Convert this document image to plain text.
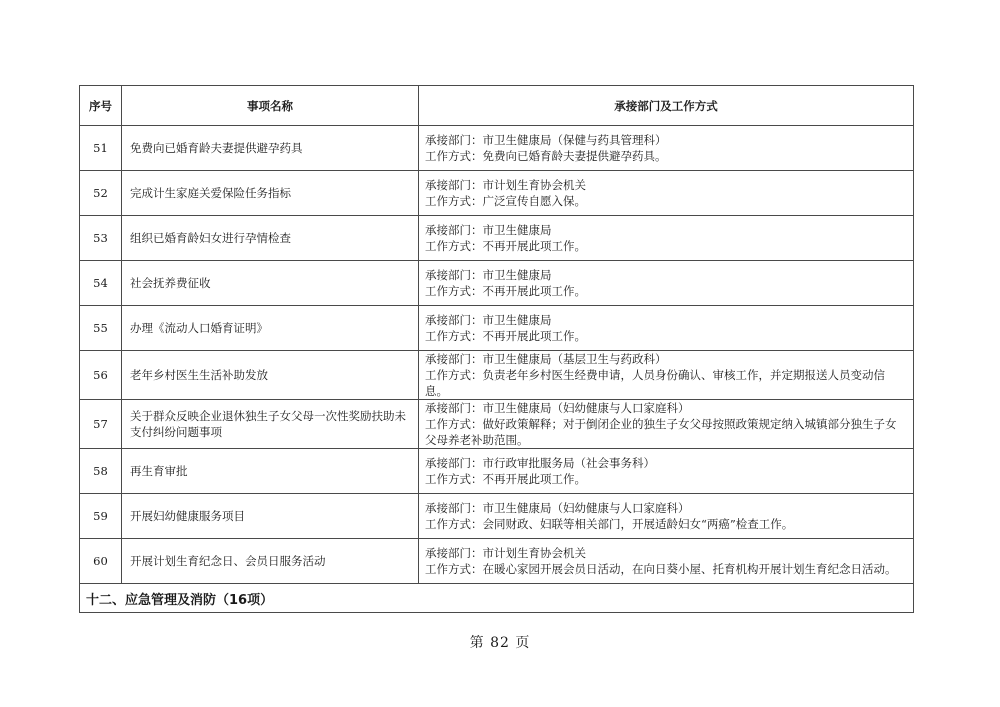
序号	事项名称	承接部门及工作方式
51	免费向已婚育龄夫妻提供避孕药具	承接部门：市卫生健康局（保健与药具管理科）
工作方式：免费向已婚育龄夫妻提供避孕药具。

52	完成计生家庭关爱保险任务指标	承接部门：市计划生育协会机关
工作方式：广泛宣传自愿入保。

53	组织已婚育龄妇女进行孕情检查	承接部门：市卫生健康局
工作方式：不再开展此项工作。

54	社会抚养费征收	承接部门：市卫生健康局
工作方式：不再开展此项工作。

55	办理《流动人口婚育证明》	承接部门：市卫生健康局
工作方式：不再开展此项工作。

56	老年乡村医生生活补助发放	承接部门：市卫生健康局（基层卫生与药政科）
工作方式：负责老年乡村医生经费申请，人员身份确认、审核工作，并定期报送人员变动信息。

57	关于群众反映企业退休独生子女父母一次性奖励扶助未支付纠纷问题事项	承接部门：市卫生健康局（妇幼健康与人口家庭科）
工作方式：做好政策解释；对于倒闭企业的独生子女父母按照政策规定纳入城镇部分独生子女父母养老补助范围。

58	再生育审批	承接部门：市行政审批服务局（社会事务科）
工作方式：不再开展此项工作。

59	开展妇幼健康服务项目	承接部门：市卫生健康局（妇幼健康与人口家庭科）
工作方式：会同财政、妇联等相关部门，开展适龄妇女“两癌”检查工作。

60	开展计划生育纪念日、会员日服务活动	承接部门：市计划生育协会机关
工作方式：在暖心家园开展会员日活动，在向日葵小屋、托育机构开展计划生育纪念日活动。

十二、应急管理及消防（16项）		
第 82 页
